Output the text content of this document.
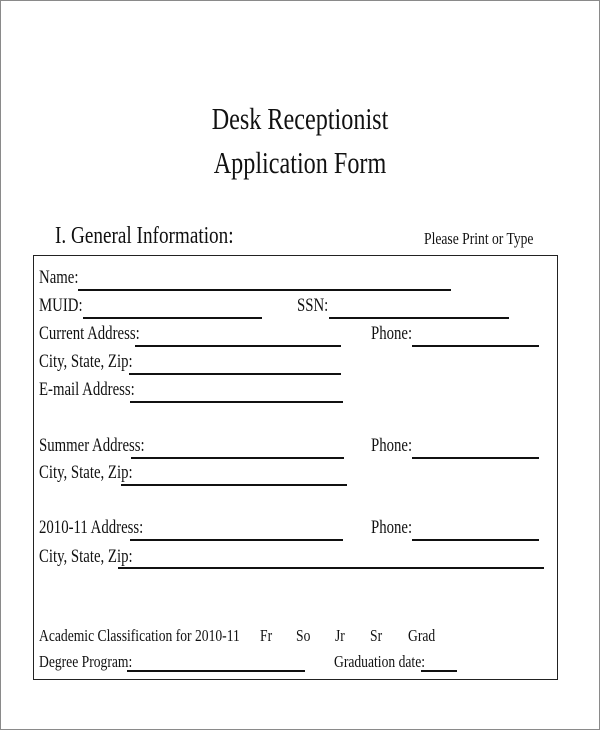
Desk Receptionist
Application Form
I. General Information:	Please Print or Type
Name:
MUID:	SSN:
Current Address:	Phone:
City, State, Zip:
E-mail Address:
Summer Address:	Phone:
City, State, Zip:
2010-11 Address:	Phone:
City, State, Zip:
Academic Classification for 2010-11 Fr So Jr Sr Grad
Degree Program:	Graduation date:
